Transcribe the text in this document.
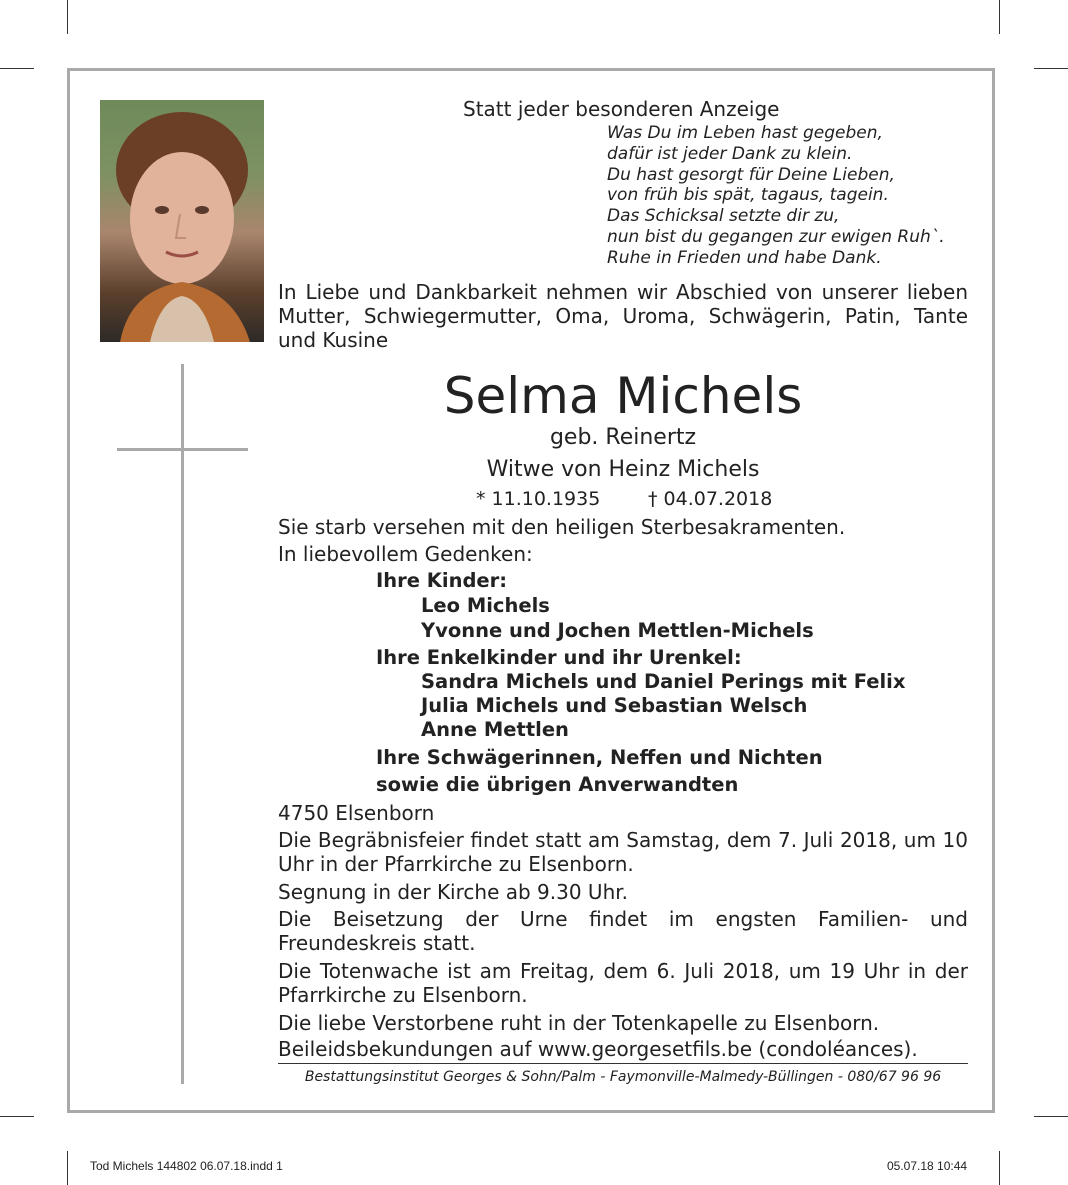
Statt jeder besonderen Anzeige
Was Du im Leben hast gegeben,
dafür ist jeder Dank zu klein.
Du hast gesorgt für Deine Lieben,
von früh bis spät, tagaus, tagein.
Das Schicksal setzte dir zu,
nun bist du gegangen zur ewigen Ruh`.
Ruhe in Frieden und habe Dank.
In Liebe und Dankbarkeit nehmen wir Abschied von unserer lieben Mutter, Schwiegermutter, Oma, Uroma, Schwägerin, Patin, Tante und Kusine
Selma Michels
geb. Reinertz
Witwe von Heinz Michels
* 11.10.1935	† 04.07.2018
Sie starb versehen mit den heiligen Sterbesakramenten.
In liebevollem Gedenken:
Ihre Kinder:
Leo Michels
Yvonne und Jochen Mettlen-Michels
Ihre Enkelkinder und ihr Urenkel:
Sandra Michels und Daniel Perings mit Felix
Julia Michels und Sebastian Welsch
Anne Mettlen
Ihre Schwägerinnen, Neffen und Nichten
sowie die übrigen Anverwandten
4750 Elsenborn
Die Begräbnisfeier findet statt am Samstag, dem 7. Juli 2018, um 10 Uhr in der Pfarrkirche zu Elsenborn.
Segnung in der Kirche ab 9.30 Uhr.
Die Beisetzung der Urne findet im engsten Familien- und Freundeskreis statt.
Die Totenwache ist am Freitag, dem 6. Juli 2018, um 19 Uhr in der Pfarrkirche zu Elsenborn.
Die liebe Verstorbene ruht in der Totenkapelle zu Elsenborn.
Beileidsbekundungen auf www.georgesetfils.be (condoléances).
Bestattungsinstitut Georges & Sohn/Palm - Faymonville-Malmedy-Büllingen - 080/67 96 96
Tod Michels 144802 06.07.18.indd 1	05.07.18 10:44
